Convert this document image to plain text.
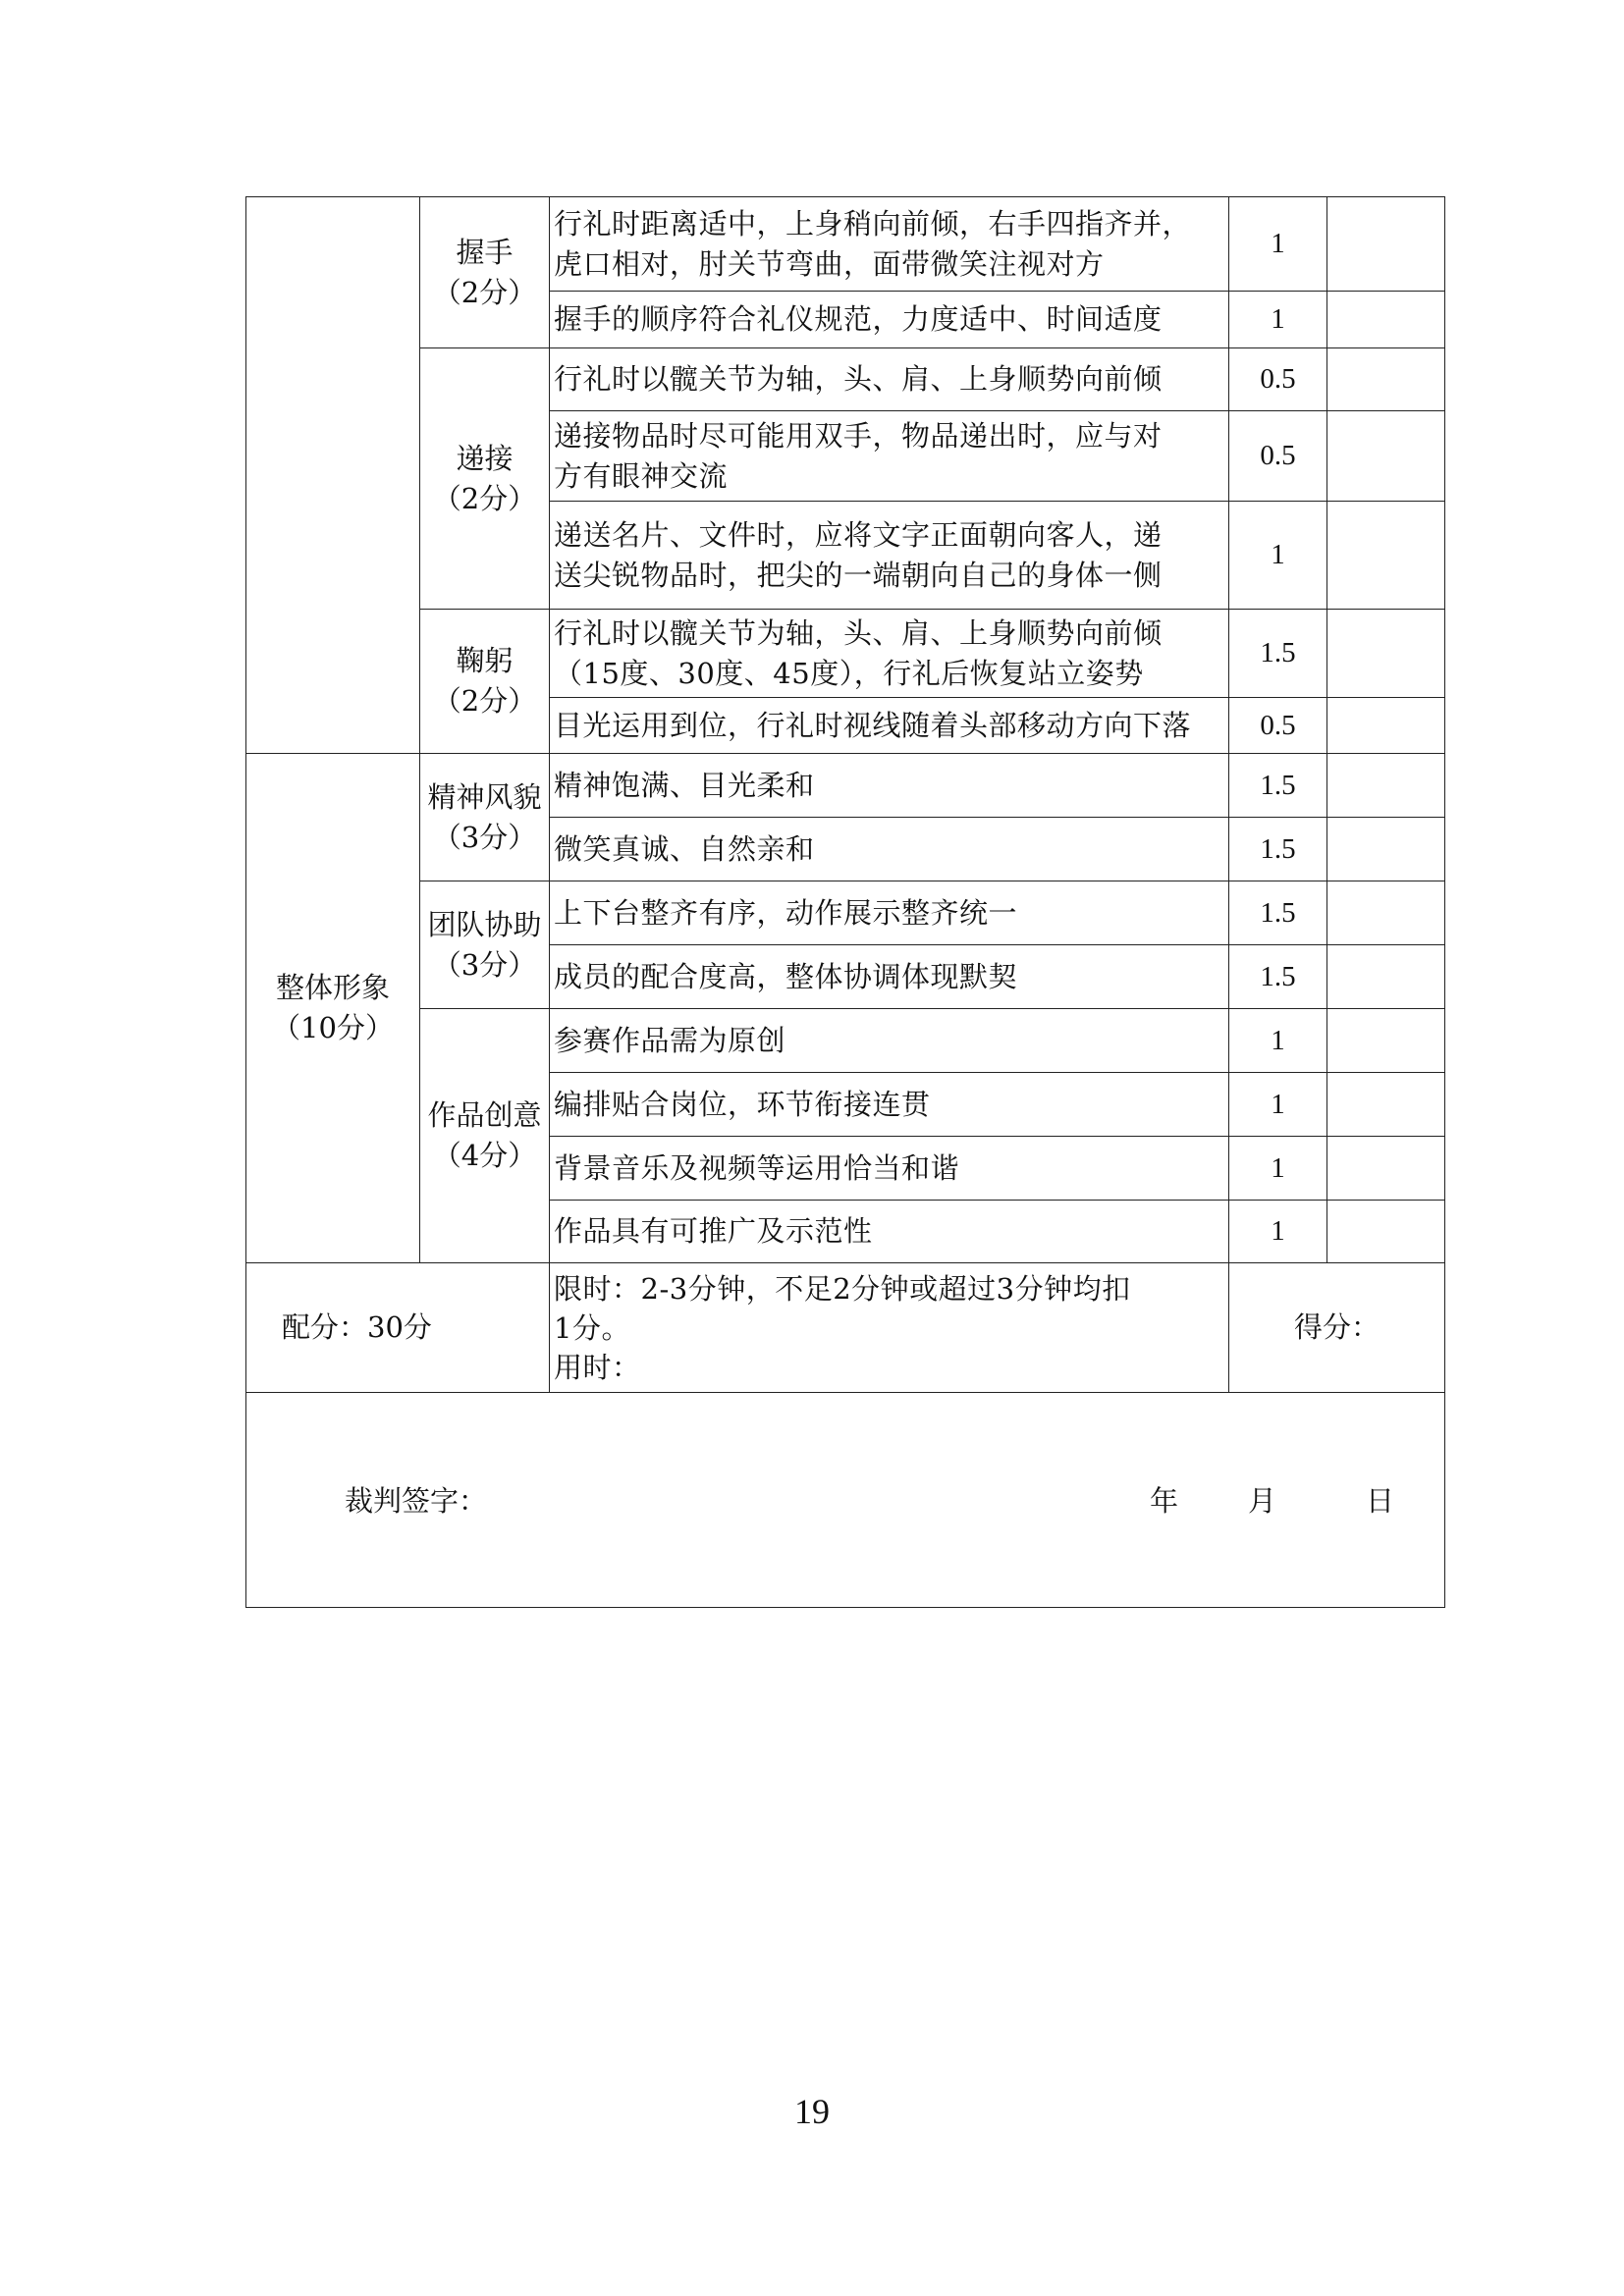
	握手
（2分）	行礼时距离适中，上身稍向前倾，右手四指齐并，
虎口相对，肘关节弯曲，面带微笑注视对方	1	

		握手的顺序符合礼仪规范，力度适中、时间适度	1	

	递接
（2分）	行礼时以髋关节为轴，头、肩、上身顺势向前倾	0.5	

		递接物品时尽可能用双手，物品递出时，应与对
方有眼神交流	0.5	

		递送名片、文件时，应将文字正面朝向客人，递
送尖锐物品时，把尖的一端朝向自己的身体一侧	1	

	鞠躬
（2分）	行礼时以髋关节为轴，头、肩、上身顺势向前倾
（15度、30度、45度），行礼后恢复站立姿势	1.5	

		目光运用到位，行礼时视线随着头部移动方向下落	0.5	

整体形象
（10分）	精神风貌
（3分）	精神饱满、目光柔和	1.5	

		微笑真诚、自然亲和	1.5	

	团队协助
（3分）	上下台整齐有序，动作展示整齐统一	1.5	

		成员的配合度高，整体协调体现默契	1.5	

	作品创意
（4分）	参赛作品需为原创	1	

		编排贴合岗位，环节衔接连贯	1	

		背景音乐及视频等运用恰当和谐	1	

		作品具有可推广及示范性	1	
配分：30分		限时：2-3分钟，不足2分钟或超过3分钟均扣
1分。
用时：	得分：	

裁判签字： 年 月 日				
19
